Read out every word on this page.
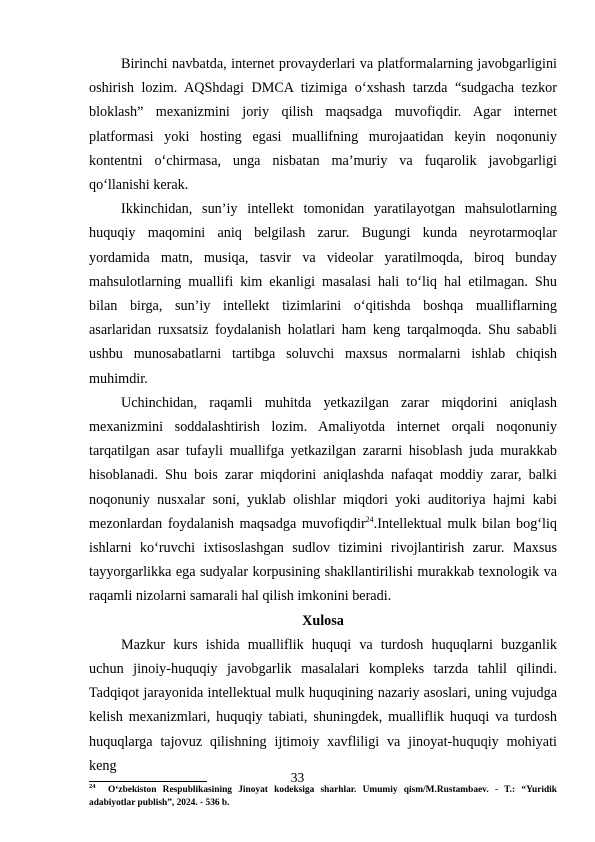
Birinchi navbatda, internet provayderlari va platformalarning javobgarligini oshirish lozim. AQShdagi DMCA tizimiga o‘xshash tarzda “sudgacha tezkor bloklash” mexanizmini joriy qilish maqsadga muvofiqdir. Agar internet platformasi yoki hosting egasi muallifning murojaatidan keyin noqonuniy kontentni o‘chirmasa, unga nisbatan ma’muriy va fuqarolik javobgarligi qo‘llanishi kerak.

Ikkinchidan, sun’iy intellekt tomonidan yaratilayotgan mahsulotlarning huquqiy maqomini aniq belgilash zarur. Bugungi kunda neyrotarmoqlar yordamida matn, musiqa, tasvir va videolar yaratilmoqda, biroq bunday mahsulotlarning muallifi kim ekanligi masalasi hali to‘liq hal etilmagan. Shu bilan birga, sun’iy intellekt tizimlarini o‘qitishda boshqa mualliflarning asarlaridan ruxsatsiz foydalanish holatlari ham keng tarqalmoqda. Shu sababli ushbu munosabatlarni tartibga soluvchi maxsus normalarni ishlab chiqish muhimdir.

Uchinchidan, raqamli muhitda yetkazilgan zarar miqdorini aniqlash mexanizmini soddalashtirish lozim. Amaliyotda internet orqali noqonuniy tarqatilgan asar tufayli muallifga yetkazilgan zararni hisoblash juda murakkab hisoblanadi. Shu bois zarar miqdorini aniqlashda nafaqat moddiy zarar, balki noqonuniy nusxalar soni, yuklab olishlar miqdori yoki auditoriya hajmi kabi mezonlardan foydalanish maqsadga muvofiqdir$^{24}$.Intellektual mulk bilan bog‘liq ishlarni ko‘ruvchi ixtisoslashgan sudlov tizimini rivojlantirish zarur. Maxsus tayyorgarlikka ega sudyalar korpusining shakllantirilishi murakkab texnologik va raqamli nizolarni samarali hal qilish imkonini beradi.

Xulosa

Mazkur kurs ishida mualliflik huquqi va turdosh huquqlarni buzganlik uchun jinoiy-huquqiy javobgarlik masalalari kompleks tarzda tahlil qilindi. Tadqiqot jarayonida intellektual mulk huquqining nazariy asoslari, uning vujudga kelish mexanizmlari, huquqiy tabiati, shuningdek, mualliflik huquqi va turdosh huquqlarga tajovuz qilishning ijtimoiy xavfliligi va jinoyat-huquqiy mohiyati keng

$^{24}$ O‘zbekiston Respublikasining Jinoyat kodeksiga sharhlar. Umumiy qism/M.Rustambaev. - T.: “Yuridik adabiyotlar publish”, 2024. - 536 b.

33
